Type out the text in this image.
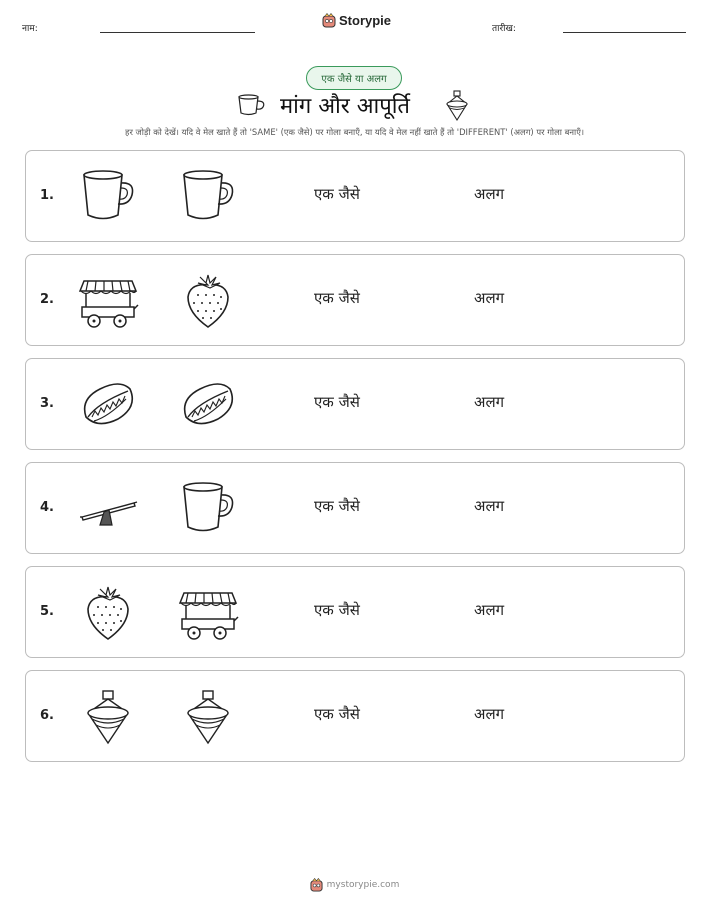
नाम:
Storypie
तारीख:
एक जैसे या अलग
मांग और आपूर्ति
हर जोड़ी को देखें। यदि वे मेल खाते हैं तो 'SAME' (एक जैसे) पर गोला बनाएँ, या यदि वे मेल नहीं खाते हैं तो 'DIFFERENT' (अलग) पर गोला बनाएँ।
1.	एक जैसे	अलग
2.	एक जैसे	अलग
3.	एक जैसे	अलग
4.	एक जैसे	अलग
5.	एक जैसे	अलग
6.	एक जैसे	अलग
mystorypie.com
